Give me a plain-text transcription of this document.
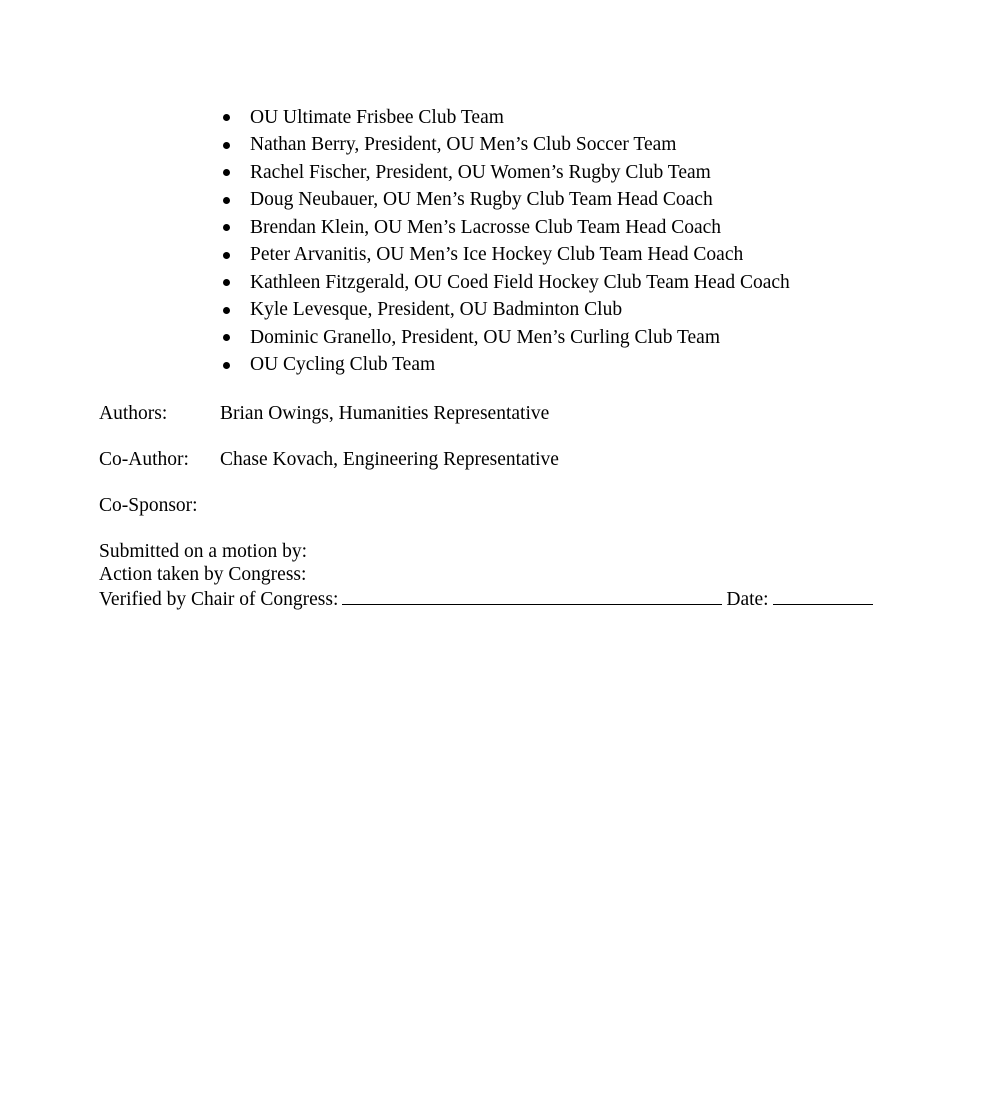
OU Ultimate Frisbee Club Team
Nathan Berry, President, OU Men’s Club Soccer Team
Rachel Fischer, President, OU Women’s Rugby Club Team
Doug Neubauer, OU Men’s Rugby Club Team Head Coach
Brendan Klein, OU Men’s Lacrosse Club Team Head Coach
Peter Arvanitis, OU Men’s Ice Hockey Club Team Head Coach
Kathleen Fitzgerald, OU Coed Field Hockey Club Team Head Coach
Kyle Levesque, President, OU Badminton Club
Dominic Granello, President, OU Men’s Curling Club Team
OU Cycling Club Team
Authors:	Brian Owings, Humanities Representative
Co-Author: Chase Kovach, Engineering Representative
Co-Sponsor:
Submitted on a motion by:
Action taken by Congress:
Verified by Chair of Congress:	Date:
